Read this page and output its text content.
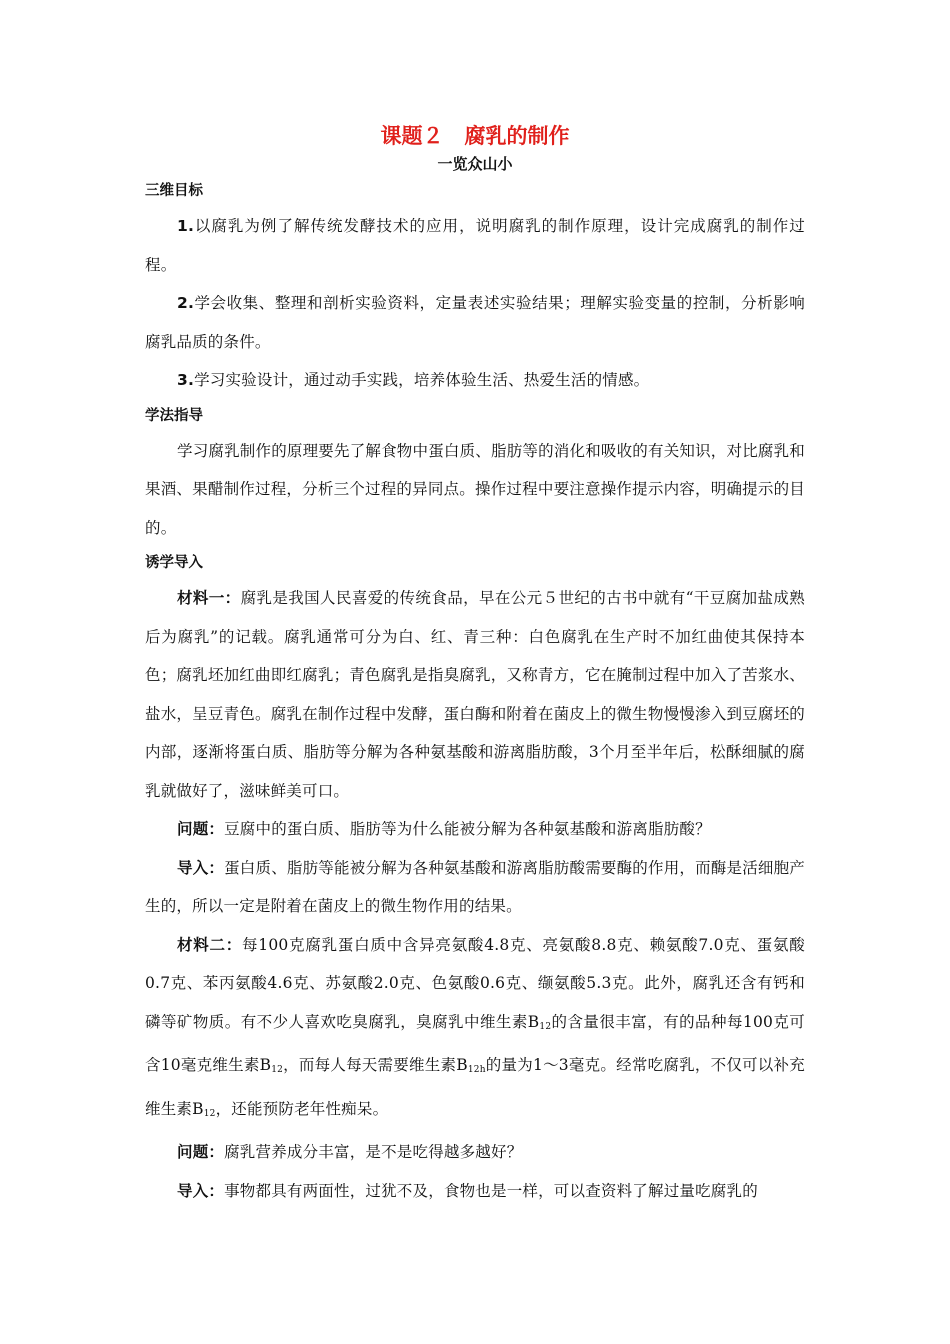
课题２　腐乳的制作
一览众山小
三维目标

1.以腐乳为例了解传统发酵技术的应用，说明腐乳的制作原理，设计完成腐乳的制作过程。

2.学会收集、整理和剖析实验资料，定量表述实验结果；理解实验变量的控制，分析影响腐乳品质的条件。

3.学习实验设计，通过动手实践，培养体验生活、热爱生活的情感。

学法指导

学习腐乳制作的原理要先了解食物中蛋白质、脂肪等的消化和吸收的有关知识，对比腐乳和果酒、果醋制作过程，分析三个过程的异同点。操作过程中要注意操作提示内容，明确提示的目的。

诱学导入

材料一：腐乳是我国人民喜爱的传统食品，早在公元５世纪的古书中就有“干豆腐加盐成熟后为腐乳”的记载。腐乳通常可分为白、红、青三种：白色腐乳在生产时不加红曲使其保持本色；腐乳坯加红曲即红腐乳；青色腐乳是指臭腐乳，又称青方，它在腌制过程中加入了苦浆水、盐水，呈豆青色。腐乳在制作过程中发酵，蛋白酶和附着在菌皮上的微生物慢慢渗入到豆腐坯的内部，逐渐将蛋白质、脂肪等分解为各种氨基酸和游离脂肪酸，3个月至半年后，松酥细腻的腐乳就做好了，滋味鲜美可口。

问题：豆腐中的蛋白质、脂肪等为什么能被分解为各种氨基酸和游离脂肪酸？

导入：蛋白质、脂肪等能被分解为各种氨基酸和游离脂肪酸需要酶的作用，而酶是活细胞产生的，所以一定是附着在菌皮上的微生物作用的结果。

材料二：每100克腐乳蛋白质中含异亮氨酸4.8克、亮氨酸8.8克、赖氨酸7.0克、蛋氨酸0.7克、苯丙氨酸4.6克、苏氨酸2.0克、色氨酸0.6克、缬氨酸5.3克。此外，腐乳还含有钙和磷等矿物质。有不少人喜欢吃臭腐乳，臭腐乳中维生素$B_{12}$的含量很丰富，有的品种每100克可含10毫克维生素$B_{12}$，而每人每天需要维生素$B_{12h}$的量为1～3毫克。经常吃腐乳，不仅可以补充维生素$B_{12}$，还能预防老年性痴呆。

问题：腐乳营养成分丰富，是不是吃得越多越好？

导入：事物都具有两面性，过犹不及，食物也是一样，可以查资料了解过量吃腐乳的
